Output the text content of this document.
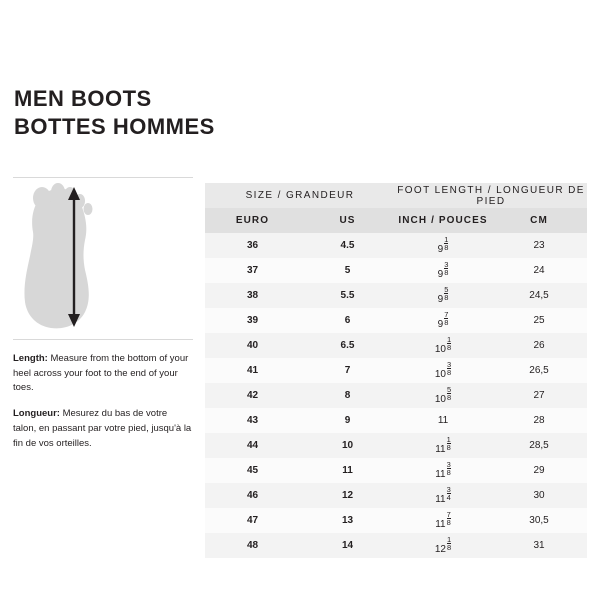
MEN BOOTS
BOTTES HOMMES

Length: Measure from the bottom of your heel across your foot to the end of your toes.

Longueur: Mesurez du bas de votre talon, en passant par votre pied, jusqu'à la fin de vos orteilles.

SIZE / GRANDEUR		FOOT LENGTH / LONGUEUR DE PIED	
EURO	US	INCH / POUCES	CM
36	4.5	$9 \frac{1}{8}$	23
37	5	$9 \frac{3}{8}$	24
38	5.5	$9 \frac{5}{8}$	24,5
39	6	$9 \frac{7}{8}$	25
40	6.5	$10 \frac{1}{8}$	26
41	7	$10 \frac{3}{8}$	26,5
42	8	$10 \frac{5}{8}$	27
43	9	11	28
44	10	$11 \frac{1}{8}$	28,5
45	11	$11 \frac{3}{8}$	29
46	12	$11 \frac{3}{4}$	30
47	13	$11 \frac{7}{8}$	30,5
48	14	$12 \frac{1}{8}$	31
